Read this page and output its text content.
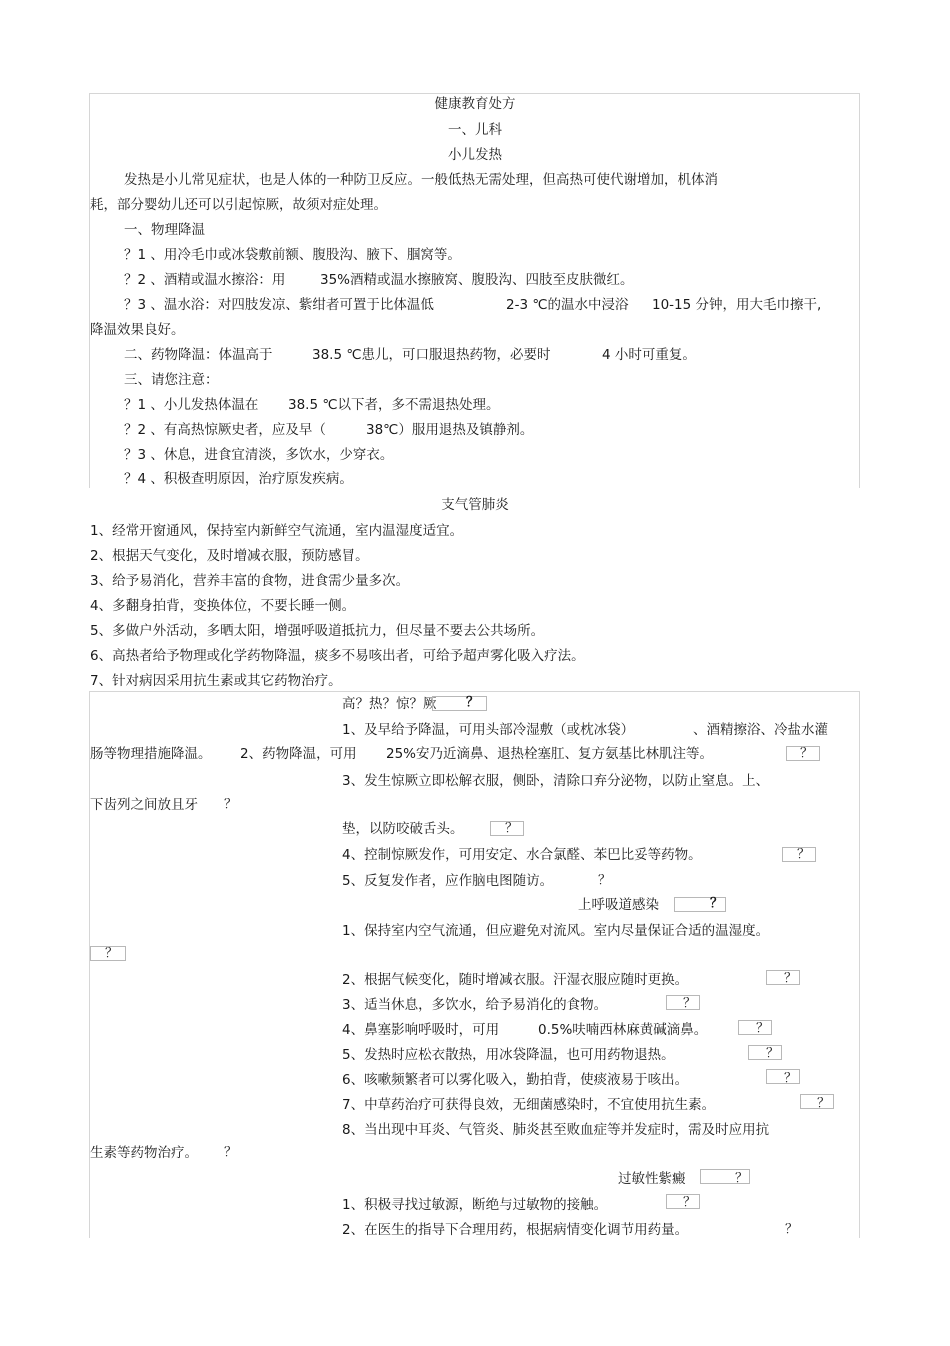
健康教育处方
一、儿科
小儿发热
发热是小儿常见症状，也是人体的一种防卫反应。一般低热无需处理，但高热可使代谢增加，机体消
耗，部分婴幼儿还可以引起惊厥，故须对症处理。
一、物理降温
？1 、用冷毛巾或冰袋敷前额、腹股沟、腋下、腘窝等。
？2 、酒精或温水擦浴：用	35%酒精或温水擦腋窝、腹股沟、四肢至皮肤微红。
？3 、温水浴：对四肢发凉、紫绀者可置于比体温低	2-3 ℃的温水中浸浴 10-15 分钟，用大毛巾擦干,
降温效果良好。
二、药物降温：体温高于	38.5 ℃患儿，可口服退热药物，必要时	4 小时可重复。
三、请您注意：
？1 、小儿发热体温在 38.5 ℃以下者，多不需退热处理。
？2 、有高热惊厥史者，应及早（	38℃）服用退热及镇静剂。
？3 、休息，进食宜清淡，多饮水，少穿衣。
？4 、积极查明原因，治疗原发疾病。
支气管肺炎
1、经常开窗通风，保持室内新鲜空气流通，室内温湿度适宜。
2、根据天气变化，及时增减衣服，预防感冒。
3、给予易消化，营养丰富的食物，进食需少量多次。
4、多翻身拍背，变换体位，不要长睡一侧。
5、多做户外活动，多晒太阳，增强呼吸道抵抗力，但尽量不要去公共场所。
6、高热者给予物理或化学药物降温，痰多不易咳出者，可给予超声雾化吸入疗法。
7、针对病因采用抗生素或其它药物治疗。
高？热？惊？厥 ？
1、及早给予降温，可用头部冷湿敷（或枕冰袋）	、酒精擦浴、冷盐水灌
肠等物理措施降温。 2、药物降温，可用 25%安乃近滴鼻、退热栓塞肛、复方氨基比林肌注等。	？
3、发生惊厥立即松解衣服，侧卧，清除口弃分泌物，以防止窒息。上、
下齿列之间放且牙 ？
垫，以防咬破舌头。	？
4、控制惊厥发作，可用安定、水合氯醛、苯巴比妥等药物。	？
5、反复发作者，应作脑电图随访。	？
上呼吸道感染	？
1、保持室内空气流通，但应避免对流风。室内尽量保证合适的温湿度。
？
2、根据气候变化，随时增减衣服。汗湿衣服应随时更换。	？
3、适当休息，多饮水，给予易消化的食物。	？
4、鼻塞影响呼吸时，可用	0.5%呋喃西林麻黄碱滴鼻。	？
5、发热时应松衣散热，用冰袋降温，也可用药物退热。	？
6、咳嗽频繁者可以雾化吸入，勤拍背，使痰液易于咳出。	？
7、中草药治疗可获得良效，无细菌感染时，不宜使用抗生素。	？
8、当出现中耳炎、气管炎、肺炎甚至败血症等并发症时，需及时应用抗
生素等药物治疗。 ？
过敏性紫癜	？
1、积极寻找过敏源，断绝与过敏物的接触。	？
2、在医生的指导下合理用药，根据病情变化调节用药量。	？
